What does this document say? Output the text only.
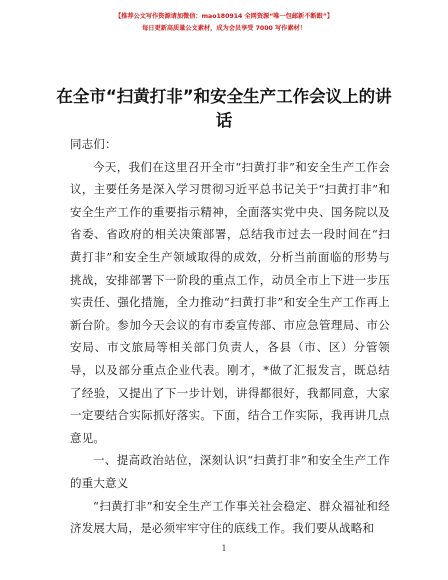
【推荐公文写作资源请加微信：mao180914 全网资源“唯一包邮新不断跟”】
每日更新高质量公文素材，成为会员享受 7000 写作素材！
在全市“扫黄打非”和安全生产工作会议上的讲话

同志们：

今天，我们在这里召开全市“扫黄打非”和安全生产工作会议，主要任务是深入学习贯彻习近平总书记关于“扫黄打非”和安全生产工作的重要指示精神，全面落实党中央、国务院以及省委、省政府的相关决策部署，总结我市过去一段时间在“扫黄打非”和安全生产领域取得的成效，分析当前面临的形势与挑战，安排部署下一阶段的重点工作，动员全市上下进一步压实责任、强化措施，全力推动“扫黄打非”和安全生产工作再上新台阶。参加今天会议的有市委宣传部、市应急管理局、市公安局、市文旅局等相关部门负责人，各县（市、区）分管领导，以及部分重点企业代表。刚才，*做了汇报发言，既总结了经验，又提出了下一步计划，讲得都很好，我都同意，大家一定要结合实际抓好落实。下面，结合工作实际，我再讲几点意见。

一、提高政治站位，深刻认识“扫黄打非”和安全生产工作的重大意义

“扫黄打非”和安全生产工作事关社会稳定、群众福祉和经济发展大局，是必须牢牢守住的底线工作。我们要从战略和

1
